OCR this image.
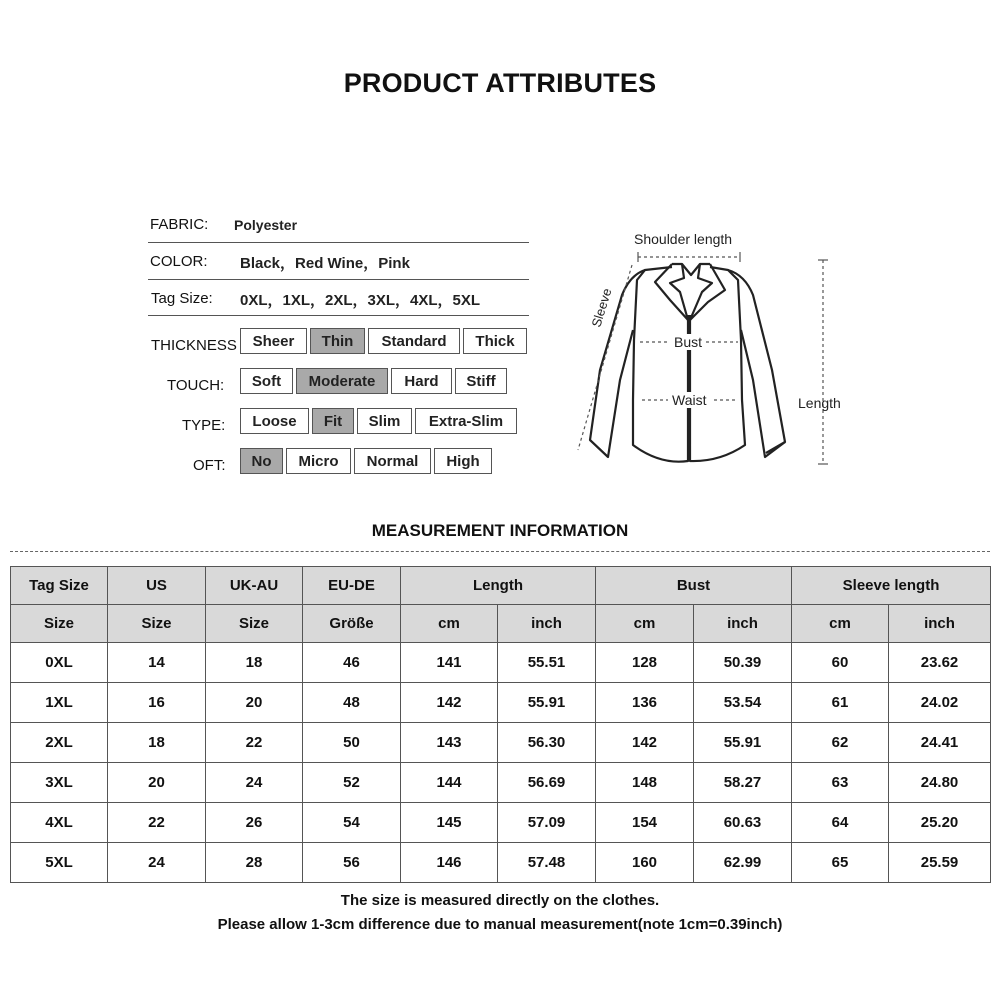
PRODUCT ATTRIBUTES
FABRIC: Polyester
COLOR: Black，Red Wine，Pink
Tag Size: 0XL，1XL，2XL，3XL，4XL，5XL
THICKNESS	Sheer	Thin	Standard	Thick
TOUCH:	Soft	Moderate	Hard	Stiff
TYPE:	Loose	Fit	Slim	Extra-Slim
OFT:	No	Micro	Normal	High
Shoulder length
Sleeve
Bust
Waist	Length
MEASUREMENT INFORMATION
Tag Size	US	UK-AU	EU-DE	Length		Bust		Sleeve length	
Size	Size	Size	Größe	cm	inch	cm	inch	cm	inch
0XL	14	18	46	141	55.51	128	50.39	60	23.62
1XL	16	20	48	142	55.91	136	53.54	61	24.02
2XL	18	22	50	143	56.30	142	55.91	62	24.41
3XL	20	24	52	144	56.69	148	58.27	63	24.80
4XL	22	26	54	145	57.09	154	60.63	64	25.20
5XL	24	28	56	146	57.48	160	62.99	65	25.59
The size is measured directly on the clothes.
Please allow 1-3cm difference due to manual measurement(note 1cm=0.39inch)
